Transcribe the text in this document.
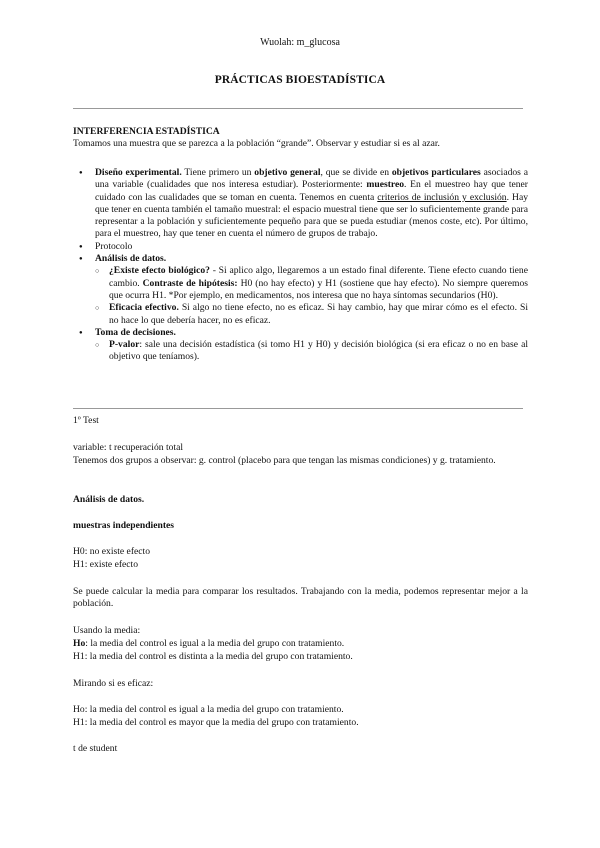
Wuolah: m_glucosa
PRÁCTICAS BIOESTADÍSTICA
INTERFERENCIA ESTADÍSTICA
Tomamos una muestra que se parezca a la población “grande”. Observar y estudiar si es al azar.
● Diseño experimental. Tiene primero un objetivo general, que se divide en objetivos particulares asociados a una variable (cualidades que nos interesa estudiar). Posteriormente: muestreo. En el muestreo hay que tener cuidado con las cualidades que se toman en cuenta. Tenemos en cuenta criterios de inclusión y exclusión. Hay que tener en cuenta también el tamaño muestral: el espacio muestral tiene que ser lo suficientemente grande para representar a la población y suficientemente pequeño para que se pueda estudiar (menos coste, etc). Por último, para el muestreo, hay que tener en cuenta el número de grupos de trabajo.
● Protocolo
● Análisis de datos.
○ ¿Existe efecto biológico? - Si aplico algo, llegaremos a un estado final diferente. Tiene efecto cuando tiene cambio. Contraste de hipótesis: H0 (no hay efecto) y H1 (sostiene que hay efecto). No siempre queremos que ocurra H1. *Por ejemplo, en medicamentos, nos interesa que no haya síntomas secundarios (H0).
○ Eficacia efectivo. Si algo no tiene efecto, no es eficaz. Si hay cambio, hay que mirar cómo es el efecto. Si no hace lo que debería hacer, no es eficaz.
● Toma de decisiones.
○ P-valor: sale una decisión estadística (si tomo H1 y H0) y decisión biológica (si era eficaz o no en base al objetivo que teníamos).
1º Test
variable: t recuperación total
Tenemos dos grupos a observar: g. control (placebo para que tengan las mismas condiciones) y g. tratamiento.
Análisis de datos.
muestras independientes
H0: no existe efecto
H1: existe efecto
Se puede calcular la media para comparar los resultados. Trabajando con la media, podemos representar mejor a la población.
Usando la media:
Ho: la media del control es igual a la media del grupo con tratamiento.
H1: la media del control es distinta a la media del grupo con tratamiento.
Mirando si es eficaz:
Ho: la media del control es igual a la media del grupo con tratamiento.
H1: la media del control es mayor que la media del grupo con tratamiento.
t de student
